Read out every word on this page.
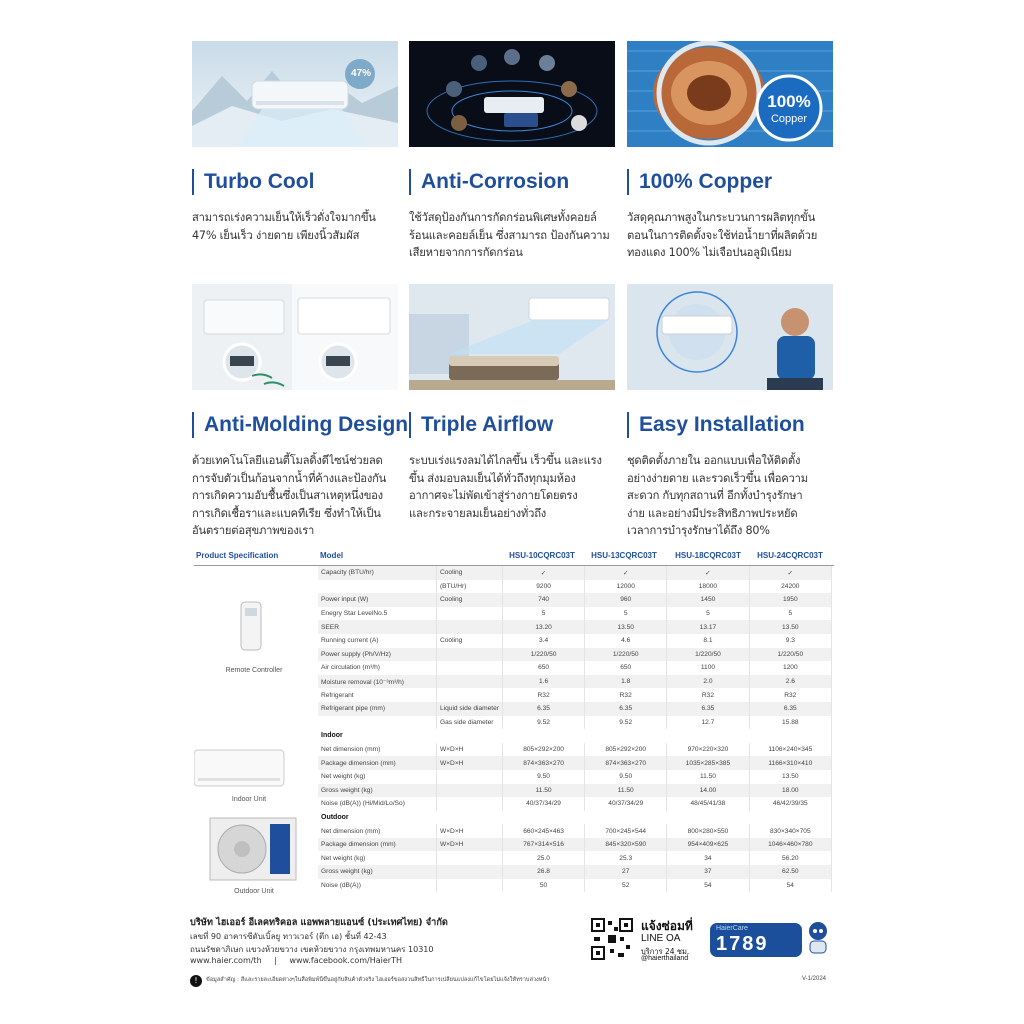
47%
Turbo Cool
สามารถเร่งความเย็นให้เร็วดั่งใจมากขึ้น
47% เย็นเร็ว ง่ายดาย เพียงนิ้วสัมผัส
Anti-Corrosion
ใช้วัสดุป้องกันการกัดกร่อนพิเศษทั้งคอยล์
ร้อนและคอยล์เย็น ซึ่งสามารถ ป้องกันความ
เสียหายจากการกัดกร่อน
100%
Copper
100% Copper
วัสดุคุณภาพสูงในกระบวนการผลิตทุกขั้น
ตอนในการติดตั้งจะใช้ท่อน้ำยาที่ผลิตด้วย
ทองแดง 100% ไม่เจือปนอลูมิเนียม
Anti-Molding Design
ด้วยเทคโนโลยีแอนตี้โมลดิ้งดีไซน์ช่วยลด
การจับตัวเป็นก้อนจากน้ำที่ค้างและป้องกัน
การเกิดความอับชื้นซึ่งเป็นสาเหตุหนึ่งของ
การเกิดเชื้อราและแบคทีเรีย ซึ่งทำให้เป็น
อันตรายต่อสุขภาพของเรา
Triple Airflow
ระบบเร่งแรงลมได้ไกลขึ้น เร็วขึ้น และแรง
ขึ้น ส่งมอบลมเย็นได้ทั่วถึงทุกมุมห้อง
อากาศจะไม่พัดเข้าสู่ร่างกายโดยตรง
และกระจายลมเย็นอย่างทั่วถึง
Easy Installation
ชุดติดตั้งภายใน ออกแบบเพื่อให้ติดตั้ง
อย่างง่ายดาย และรวดเร็วขึ้น เพื่อความ
สะดวก กับทุกสถานที่ อีกทั้งบำรุงรักษา
ง่าย และอย่างมีประสิทธิภาพประหยัด
เวลาการบำรุงรักษาได้ถึง 80%
Product Specification	Model	HSU-10CQRC03T	HSU-13CQRC03T	HSU-18CQRC03T	HSU-24CQRC03T
Remote Controller
Indoor Unit
Outdoor Unit
Capacity (BTU/hr)	Cooling	✓	✓	✓	✓
	(BTU/Hr)	9200	12000	18000	24200
Power input (W)	Cooling	740	960	1450	1950
Enegry Star LevelNo.5		5	5	5	5
SEER		13.20	13.50	13.17	13.50
Running current (A)	Cooling	3.4	4.6	8.1	9.3
Power supply (Ph/V/Hz)		1/220/50	1/220/50	1/220/50	1/220/50
Air circulation (m³/h)		650	650	1100	1200
Moisture removal (10⁻³m³/h)		1.6	1.8	2.0	2.6
Refrigerant		R32	R32	R32	R32
Refrigerant pipe (mm)	Liquid side diameter	6.35	6.35	6.35	6.35
	Gas side diameter	9.52	9.52	12.7	15.88
Indoor					
Net dimension (mm)	W×D×H	805×292×200	805×292×200	970×220×320	1106×240×345
Package dimension (mm)	W×D×H	874×363×270	874×363×270	1035×285×385	1166×310×410
Net weight (kg)		9.50	9.50	11.50	13.50
Gross weight (kg)		11.50	11.50	14.00	18.00
Noise (dB(A)) (Hi/Mid/Lo/So)		40/37/34/29	40/37/34/29	48/45/41/38	46/42/39/35
Outdoor					
Net dimension (mm)	W×D×H	660×245×463	700×245×544	800×280×550	830×340×705
Package dimension (mm)	W×D×H	767×314×516	845×320×590	954×409×625	1046×460×780
Net weight (kg)		25.0	25.3	34	56.20
Gross weight (kg)		26.8	27	37	62.50
Noise (dB(A))		50	52	54	54
บริษัท ไฮเออร์ อีเลคทริคอล แอพพลายแอนซ์ (ประเทศไทย) จำกัด
เลขที่ 90 อาคารซีดับเบิ้ลยู ทาวเวอร์ (ตึก เอ) ชั้นที่ 42-43
ถนนรัชดาภิเษก แขวงห้วยขวาง เขตห้วยขวาง กรุงเทพมหานคร 10310
www.haier.com/th | www.facebook.com/HaierTH
แจ้งซ่อมที่
LINE OA
บริการ 24 ชม.
@haierthailand
HaierCare
1789
!	ข้อมูลสำคัญ : สีและรายละเอียดต่างๆในสื่อพิมพ์นี้ขึ้นอยู่กับสินค้าตัวจริง ไฮเออร์ขอสงวนสิทธิ์ในการเปลี่ยนแปลงแก้ไขโดยไม่แจ้งให้ทราบล่วงหน้า	V-1/2024
